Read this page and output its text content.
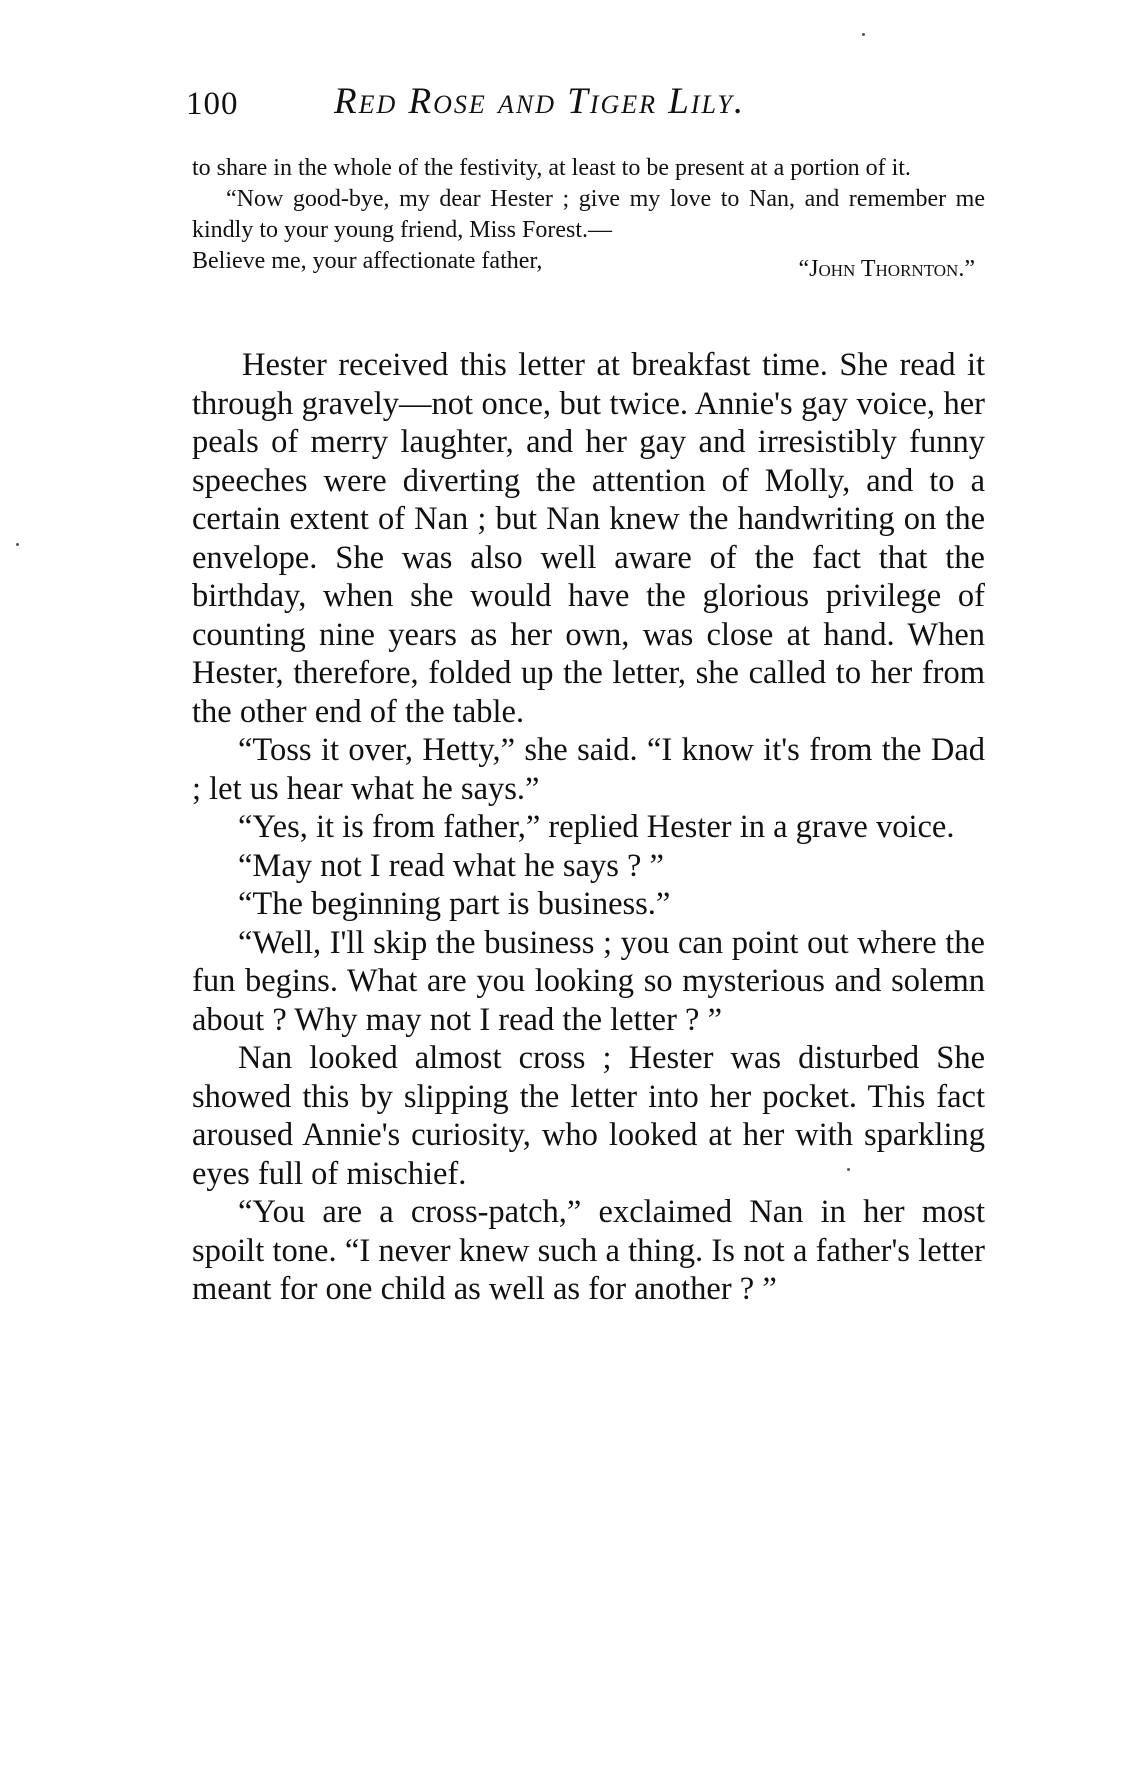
100	Red Rose and Tiger Lily.

to share in the whole of the festivity, at least to be present at a portion of it.

“Now good-bye, my dear Hester ; give my love to Nan, and remember me kindly to your young friend, Miss Forest.—

Believe me, your affectionate father,	“John Thornton.”

Hester received this letter at breakfast time. She read it through gravely—not once, but twice. Annie's gay voice, her peals of merry laughter, and her gay and irresistibly funny speeches were diverting the attention of Molly, and to a certain extent of Nan ; but Nan knew the handwriting on the envelope. She was also well aware of the fact that the birthday, when she would have the glorious privilege of counting nine years as her own, was close at hand. When Hester, therefore, folded up the letter, she called to her from the other end of the table.

“Toss it over, Hetty,” she said. “I know it's from the Dad ; let us hear what he says.”

“Yes, it is from father,” replied Hester in a grave voice.

“May not I read what he says ? ”

“The beginning part is business.”

“Well, I'll skip the business ; you can point out where the fun begins. What are you looking so mysterious and solemn about ? Why may not I read the letter ? ”

Nan looked almost cross ; Hester was disturbed She showed this by slipping the letter into her pocket. This fact aroused Annie's curiosity, who looked at her with sparkling eyes full of mischief.

“You are a cross-patch,” exclaimed Nan in her most spoilt tone. “I never knew such a thing. Is not a father's letter meant for one child as well as for another ? ”
